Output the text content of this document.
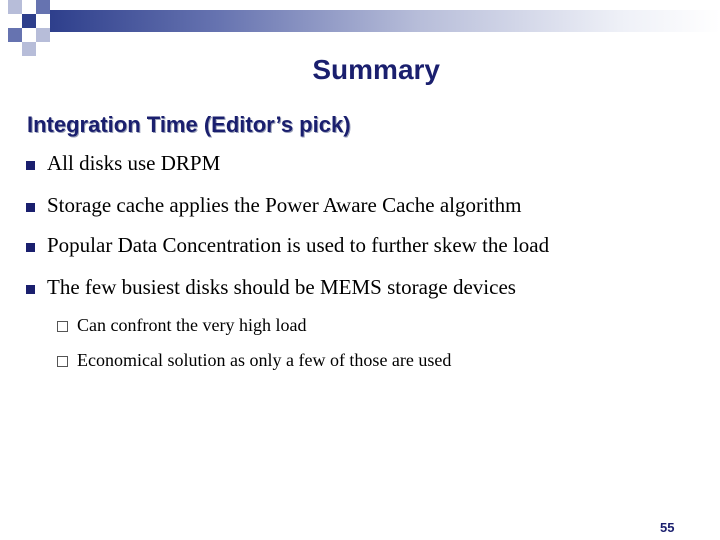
Summary
Integration Time (Editor’s pick)
All disks use DRPM
Storage cache applies the Power Aware Cache algorithm
Popular Data Concentration is used to further skew the load
The few busiest disks should be MEMS storage devices
Can confront the very high load
Economical solution as only a few of those are used
55
